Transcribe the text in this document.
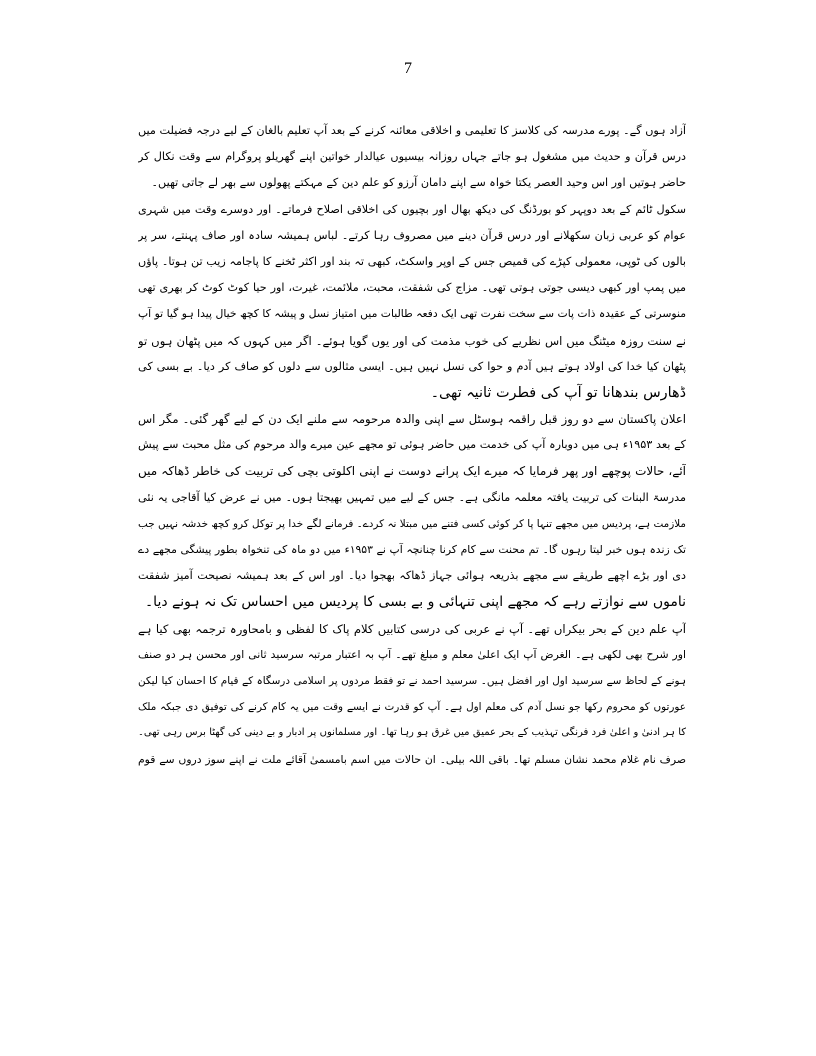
7
آزاد ہوں گے۔ پورے مدرسہ کی کلاسز کا تعلیمی و اخلاقی معائنہ کرنے کے بعد آپ تعلیم بالغان کے لیے درجہ فضیلت میں
درس قرآن و حدیث میں مشغول ہو جاتے جہاں روزانہ بیسیوں عیالدار خواتین اپنے گھریلو پروگرام سے وقت نکال کر
حاضر ہوتیں اور اس وحید العصر یکتا خواہ سے اپنے دامان آرزو کو علم دین کے مہکتے پھولوں سے بھر لے جاتی تھیں۔
سکول ٹائم کے بعد دوپہر کو بورڈنگ کی دیکھ بھال اور بچیوں کی اخلاقی اصلاح فرماتے۔ اور دوسرے وقت میں شہری
عوام کو عربی زبان سکھلانے اور درس قرآن دینے میں مصروف رہا کرتے۔ لباس ہمیشہ سادہ اور صاف پہنتے، سر پر
بالوں کی ٹوپی، معمولی کپڑے کی قمیص جس کے اوپر واسکٹ، کبھی تہ بند اور اکثر ٹخنے کا پاجامہ زیب تن ہوتا۔ پاؤں
میں پمپ اور کبھی دیسی جوتی ہوتی تھی۔ مزاج کی شفقت، محبت، ملائمت، غیرت، اور حیا کوٹ کوٹ کر بھری تھی
منوسرتی کے عقیدہ ذات پات سے سخت نفرت تھی ایک دفعہ طالبات میں امتیاز نسل و پیشہ کا کچھ خیال پیدا ہو گیا تو آپ
نے سنت روزہ میٹنگ میں اس نظریے کی خوب مذمت کی اور یوں گویا ہوئے۔ اگر میں کہوں کہ میں پٹھان ہوں تو
پٹھان کیا خدا کی اولاد ہوتے ہیں آدم و حوا کی نسل نہیں ہیں۔ ایسی مثالوں سے دلوں کو صاف کر دیا۔ بے بسی کی
ڈھارس بندھانا تو آپ کی فطرت ثانیہ تھی۔
اعلان پاکستان سے دو روز قبل راقمہ ہوسٹل سے اپنی والدہ مرحومہ سے ملنے ایک دن کے لیے گھر گئی۔ مگر اس
کے بعد ۱۹۵۳ء ہی میں دوبارہ آپ کی خدمت میں حاضر ہوئی تو مجھے عین میرے والد مرحوم کی مثل محبت سے پیش
آئے، حالات پوچھے اور پھر فرمایا کہ میرے ایک پرانے دوست نے اپنی اکلوتی بچی کی تربیت کی خاطر ڈھاکہ میں
مدرسۃ البنات کی تربیت یافتہ معلمہ مانگی ہے۔ جس کے لیے میں تمہیں بھیجتا ہوں۔ میں نے عرض کیا آقاجی یہ نئی
ملازمت ہے، پردیس میں مجھے تنہا پا کر کوئی کسی فتنے میں مبتلا نہ کردے۔ فرمانے لگے خدا پر توکل کرو کچھ خدشہ نہیں جب
تک زندہ ہوں خبر لیتا رہوں گا۔ تم محنت سے کام کرنا چنانچہ آپ نے ۱۹۵۳ء میں دو ماہ کی تنخواہ بطور پیشگی مجھے دے
دی اور بڑے اچھے طریقے سے مجھے بذریعہ ہوائی جہاز ڈھاکہ بھجوا دیا۔ اور اس کے بعد ہمیشہ نصیحت آمیز شفقت
ناموں سے نوازتے رہے کہ مجھے اپنی تنہائی و بے بسی کا پردیس میں احساس تک نہ ہونے دیا۔
آپ علم دین کے بحر بیکراں تھے۔ آپ نے عربی کی درسی کتابیں کلام پاک کا لفظی و بامحاورہ ترجمہ بھی کیا ہے
اور شرح بھی لکھی ہے۔ الغرض آپ ایک اعلیٰ معلم و مبلغ تھے۔ آپ بہ اعتبار مرتبہ سرسید ثانی اور محسن ہر دو صنف
ہونے کے لحاظ سے سرسید اول اور افضل ہیں۔ سرسید احمد نے تو فقط مردوں پر اسلامی درسگاہ کے قیام کا احسان کیا لیکن
عورتوں کو محروم رکھا جو نسل آدم کی معلم اول ہے۔ آپ کو قدرت نے ایسے وقت میں یہ کام کرنے کی توفیق دی جبکہ ملک
کا ہر ادنیٰ و اعلیٰ فرد فرنگی تہذیب کے بحر عمیق میں غرق ہو رہا تھا۔ اور مسلمانوں پر ادبار و بے دینی کی گھٹا برس رہی تھی۔
صرف نام غلام محمد نشان مسلم تھا۔ باقی اللہ بیلی۔ ان حالات میں اسم بامسمیٰ آقائے ملت نے اپنے سوز دروں سے قوم
